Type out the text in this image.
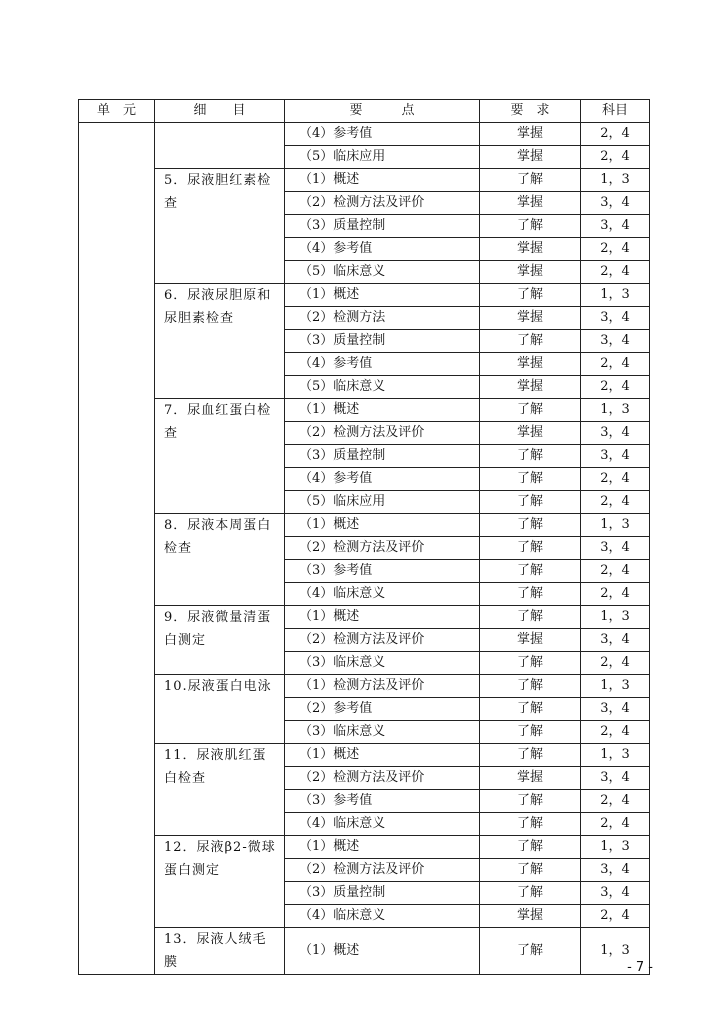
单　元	细　　目	要　　　点	要　求	科目
		（4）参考值	掌握	2，4
		（5）临床应用	掌握	2，4
	5．尿液胆红素检查	（1）概述	了解	1，3
		（2）检测方法及评价	掌握	3，4
		（3）质量控制	了解	3，4
		（4）参考值	掌握	2，4
		（5）临床意义	掌握	2，4
	6．尿液尿胆原和尿胆素检查	（1）概述	了解	1，3
		（2）检测方法	掌握	3，4
		（3）质量控制	了解	3，4
		（4）参考值	掌握	2，4
		（5）临床意义	掌握	2，4
	7．尿血红蛋白检查	（1）概述	了解	1，3
		（2）检测方法及评价	掌握	3，4
		（3）质量控制	了解	3，4
		（4）参考值	了解	2，4
		（5）临床应用	了解	2，4
	8．尿液本周蛋白检查	（1）概述	了解	1，3
		（2）检测方法及评价	了解	3，4
		（3）参考值	了解	2，4
		（4）临床意义	了解	2，4
	9．尿液微量清蛋白测定	（1）概述	了解	1，3
		（2）检测方法及评价	掌握	3，4
		（3）临床意义	了解	2，4
	10.尿液蛋白电泳	（1）检测方法及评价	了解	1，3
		（2）参考值	了解	3，4
		（3）临床意义	了解	2，4
	11．尿液肌红蛋白检查	（1）概述	了解	1，3
		（2）检测方法及评价	掌握	3，4
		（3）参考值	了解	2，4
		（4）临床意义	了解	2，4
	12．尿液β2-微球蛋白测定	（1）概述	了解	1，3
		（2）检测方法及评价	了解	3，4
		（3）质量控制	了解	3，4
		（4）临床意义	掌握	2，4
	13．尿液人绒毛膜	（1）概述	了解	1，3
- 7 -
